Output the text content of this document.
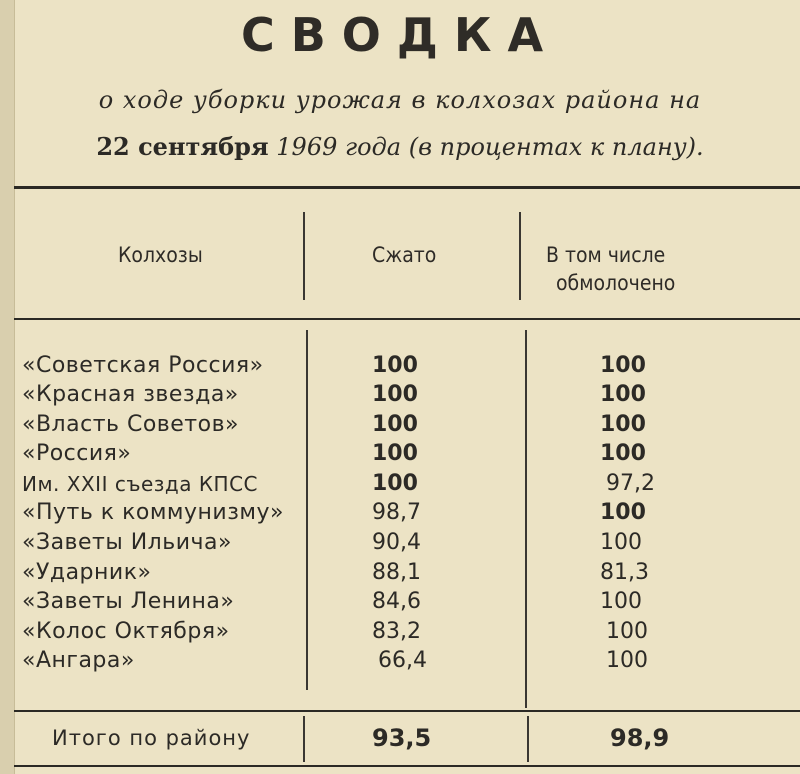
СВОДКА
о ходе уборки урожая в колхозах района на
22 сентября 1969 года (в процентах к плану).
Колхозы	Сжато	В том числе
обмолочено
«Советская Россия»	100	100
«Красная звезда»	100	100
«Власть Советов»	100	100
«Россия»	100	100
Им. XXII съезда КПСС	100	97,2
«Путь к коммунизму»	98,7	100
«Заветы Ильича»	90,4	100
«Ударник»	88,1	81,3
«Заветы Ленина»	84,6	100
«Колос Октября»	83,2	100
«Ангара»	66,4	100
Итого по району	93,5	98,9
